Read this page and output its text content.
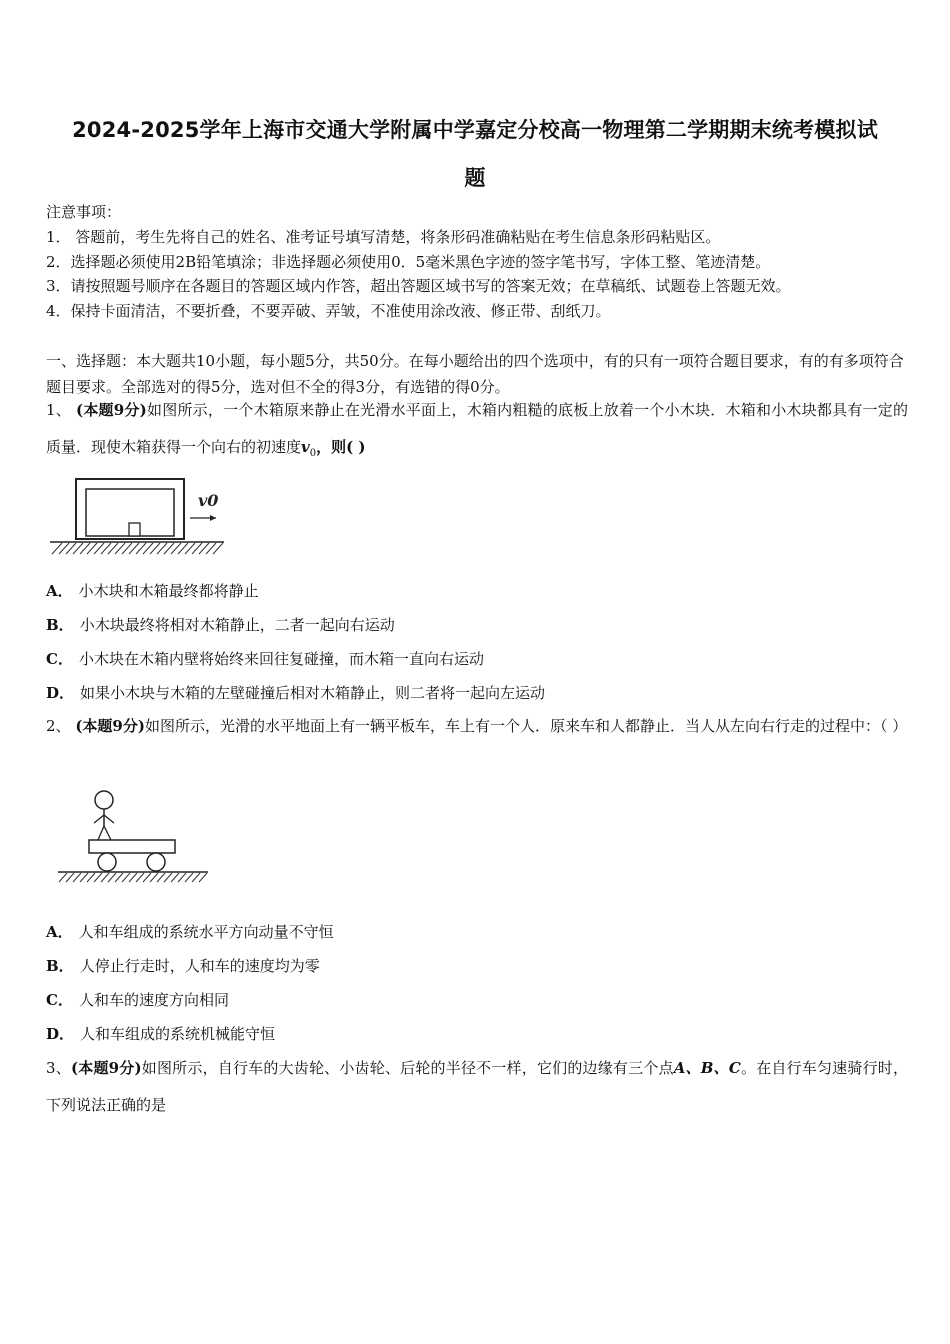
2024-2025学年上海市交通大学附属中学嘉定分校高一物理第二学期期末统考模拟试
题
注意事项：
1． 答题前，考生先将自己的姓名、准考证号填写清楚，将条形码准确粘贴在考生信息条形码粘贴区。
2．选择题必须使用2B铅笔填涂；非选择题必须使用0．5毫米黑色字迹的签字笔书写，字体工整、笔迹清楚。
3．请按照题号顺序在各题目的答题区域内作答，超出答题区域书写的答案无效；在草稿纸、试题卷上答题无效。
4．保持卡面清洁，不要折叠，不要弄破、弄皱，不准使用涂改液、修正带、刮纸刀。
一、选择题：本大题共10小题，每小题5分，共50分。在每小题给出的四个选项中，有的只有一项符合题目要求，有的有多项符合题目要求。全部选对的得5分，选对但不全的得3分，有选错的得0分。
1、 (本题9分)如图所示，一个木箱原来静止在光滑水平面上，木箱内粗糙的底板上放着一个小木块．木箱和小木块都具有一定的质量．现使木箱获得一个向右的初速度$v_0$，则( )
v0
A． 小木块和木箱最终都将静止
B． 小木块最终将相对木箱静止，二者一起向右运动
C． 小木块在木箱内壁将始终来回往复碰撞，而木箱一直向右运动
D． 如果小木块与木箱的左壁碰撞后相对木箱静止，则二者将一起向左运动
2、 (本题9分)如图所示，光滑的水平地面上有一辆平板车，车上有一个人．原来车和人都静止．当人从左向右行走的过程中：（ ）
A． 人和车组成的系统水平方向动量不守恒
B． 人停止行走时，人和车的速度均为零
C． 人和车的速度方向相同
D． 人和车组成的系统机械能守恒
3、(本题9分)如图所示，自行车的大齿轮、小齿轮、后轮的半径不一样，它们的边缘有三个点A、B、C。在自行车匀速骑行时，下列说法正确的是
